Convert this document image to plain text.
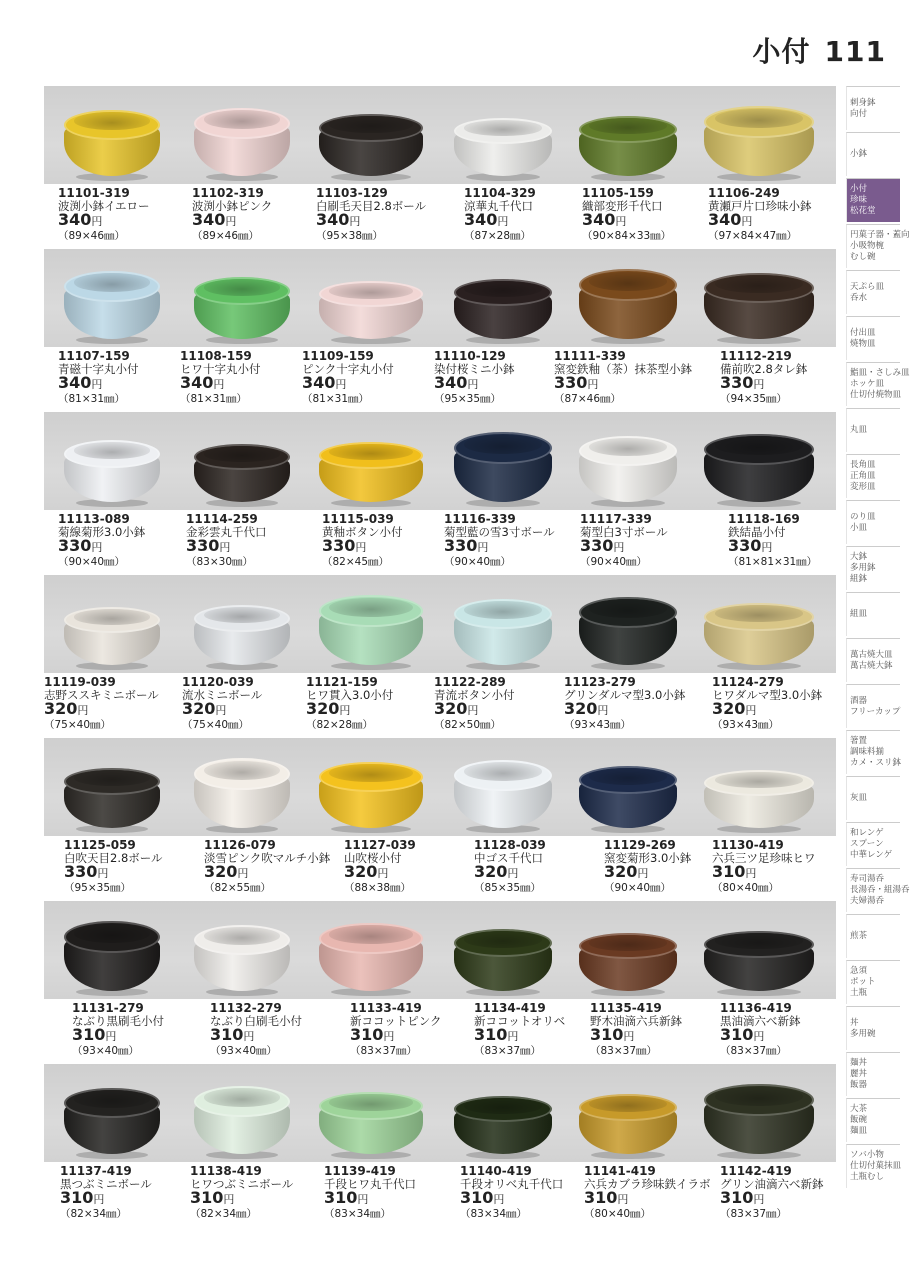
小付 111
11101-319
波渕小鉢イエロー
340円
（89×46㎜）
11102-319
波渕小鉢ピンク
340円
（89×46㎜）
11103-129
白刷毛天目2.8ボール
340円
（95×38㎜）
11104-329
涼華丸千代口
340円
（87×28㎜）
11105-159
織部変形千代口
340円
（90×84×33㎜）
11106-249
黄瀬戸片口珍味小鉢
340円
（97×84×47㎜）
11107-159
青磁十字丸小付
340円
（81×31㎜）
11108-159
ヒワ十字丸小付
340円
（81×31㎜）
11109-159
ピンク十字丸小付
340円
（81×31㎜）
11110-129
染付桜ミニ小鉢
340円
（95×35㎜）
11111-339
窯変鉄釉（茶）抹茶型小鉢
330円
（87×46㎜）
11112-219
備前吹2.8タレ鉢
330円
（94×35㎜）
11113-089
菊線菊形3.0小鉢
330円
（90×40㎜）
11114-259
金彩雲丸千代口
330円
（83×30㎜）
11115-039
黄釉ボタン小付
330円
（82×45㎜）
11116-339
菊型藍の雪3寸ボール
330円
（90×40㎜）
11117-339
菊型白3寸ボール
330円
（90×40㎜）
11118-169
鉄結晶小付
330円
（81×81×31㎜）
11119-039
志野ススキミニボール
320円
（75×40㎜）
11120-039
流水ミニボール
320円
（75×40㎜）
11121-159
ヒワ貫入3.0小付
320円
（82×28㎜）
11122-289
青流ボタン小付
320円
（82×50㎜）
11123-279
グリンダルマ型3.0小鉢
320円
（93×43㎜）
11124-279
ヒワダルマ型3.0小鉢
320円
（93×43㎜）
11125-059
白吹天目2.8ボール
330円
（95×35㎜）
11126-079
淡雪ピンク吹マルチ小鉢
320円
（82×55㎜）
11127-039
山吹桜小付
320円
（88×38㎜）
11128-039
中ゴス千代口
320円
（85×35㎜）
11129-269
窯変菊形3.0小鉢
320円
（90×40㎜）
11130-419
六兵三ツ足珍味ヒワ
310円
（80×40㎜）
11131-279
なぶり黒刷毛小付
310円
（93×40㎜）
11132-279
なぶり白刷毛小付
310円
（93×40㎜）
11133-419
新ココットピンク
310円
（83×37㎜）
11134-419
新ココットオリベ
310円
（83×37㎜）
11135-419
野木油滴六兵新鉢
310円
（83×37㎜）
11136-419
黒油滴六べ新鉢
310円
（83×37㎜）
11137-419
黒つぶミニボール
310円
（82×34㎜）
11138-419
ヒワつぶミニボール
310円
（82×34㎜）
11139-419
千段ヒワ丸千代口
310円
（83×34㎜）
11140-419
千段オリベ丸千代口
310円
（83×34㎜）
11141-419
六兵カブラ珍味鉄イラボ
310円
（80×40㎜）
11142-419
グリン油滴六べ新鉢
310円
（83×37㎜）
刺身鉢
向付
小鉢
小付
珍味
松花堂
円菓子器・蓋向
小吸物椀
むし碗
天ぷら皿
呑水
付出皿
焼物皿
鮨皿・さしみ皿
ホッケ皿
仕切付焼物皿
丸皿
長角皿
正角皿
変形皿
のり皿
小皿
大鉢
多用鉢
組鉢
組皿
萬古焼大皿
萬古焼大鉢
酒器
フリーカップ
箸置
調味料揃
カメ・スリ鉢
灰皿
和レンゲ
スプーン
中華レンゲ
寿司湯呑
長湯呑・組湯呑
夫婦湯呑
煎茶
急須
ポット
土瓶
丼
多用碗
麺丼
麗丼
飯器
大茶
飯碗
麺皿
ソバ小物
仕切付菓抹皿
土瓶むし
